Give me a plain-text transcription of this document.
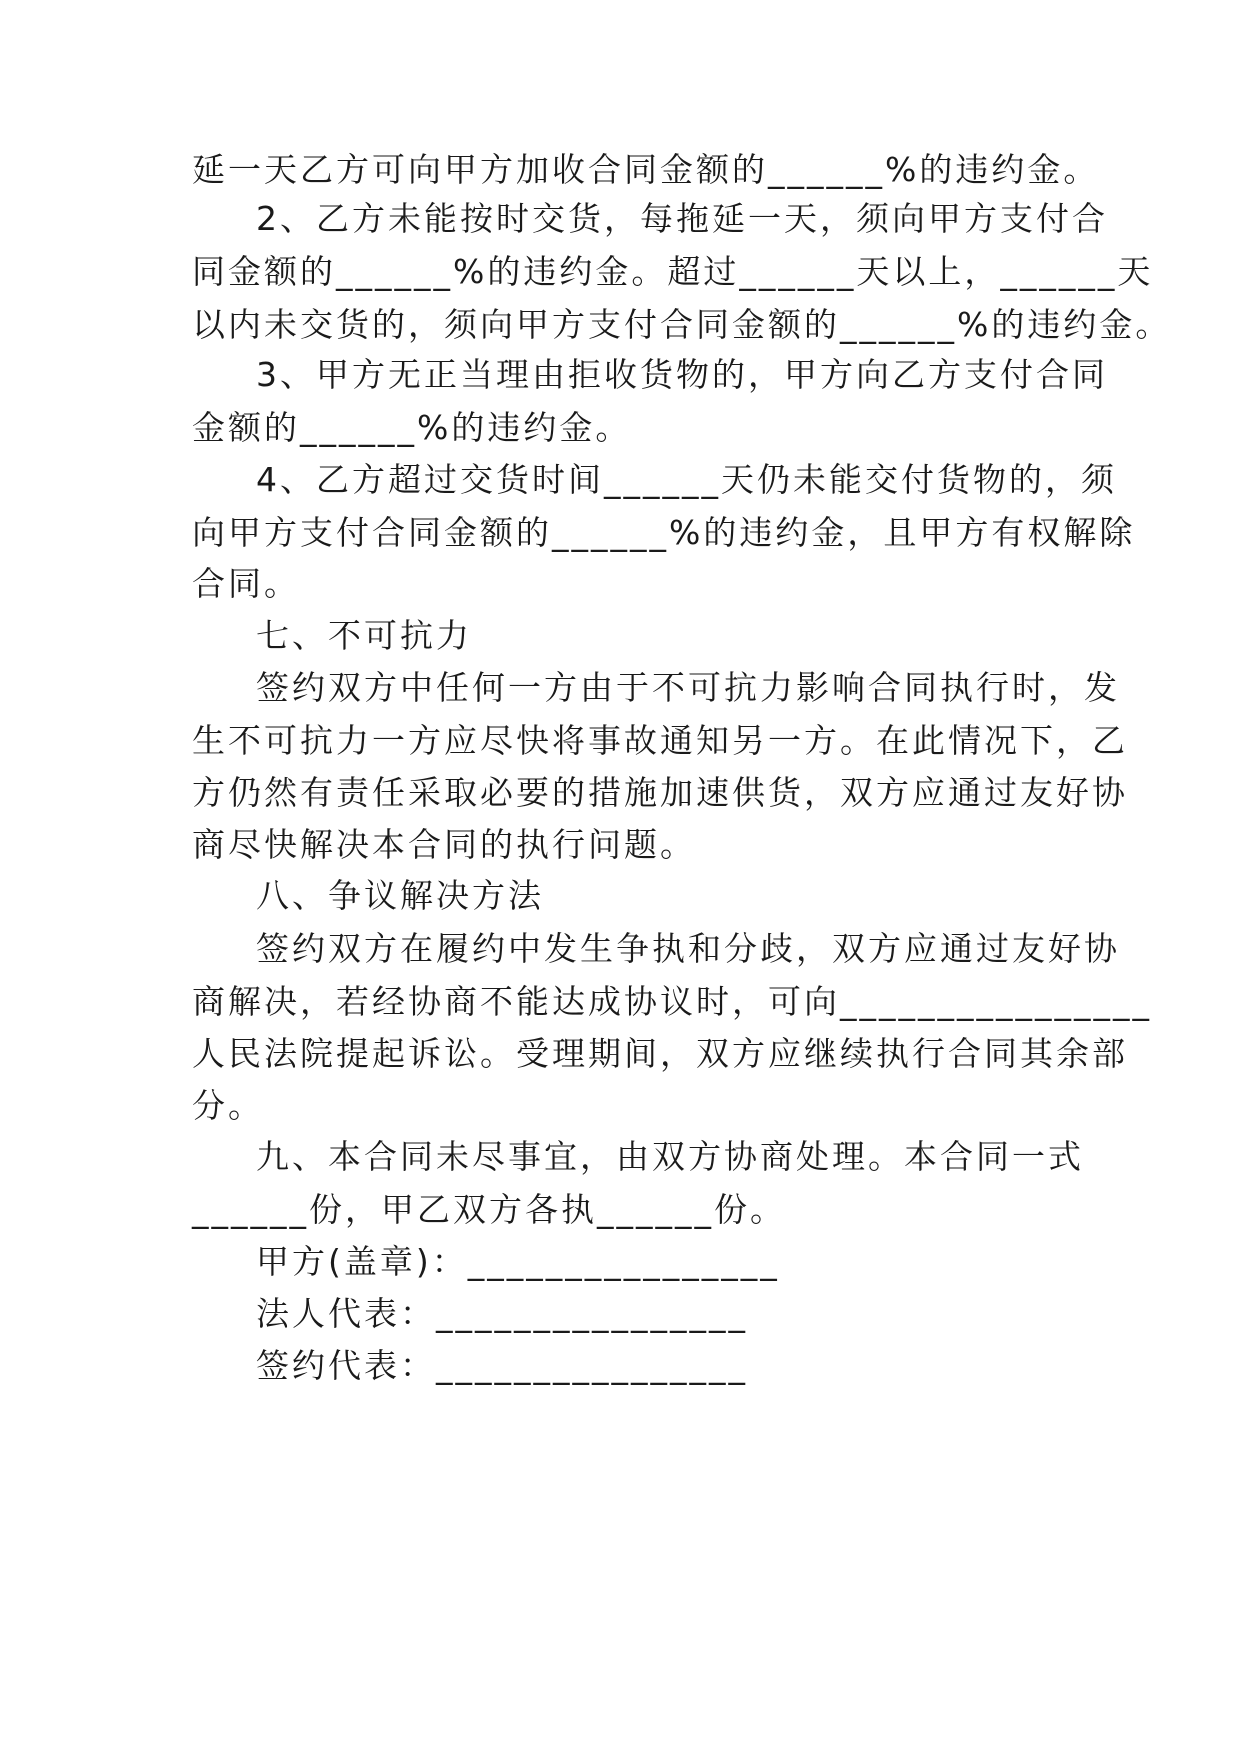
延一天乙方可向甲方加收合同金额的______%的违约金。
2、乙方未能按时交货，每拖延一天，须向甲方支付合
同金额的______%的违约金。超过______天以上，______天
以内未交货的，须向甲方支付合同金额的______%的违约金。
3、甲方无正当理由拒收货物的，甲方向乙方支付合同
金额的______%的违约金。
4、乙方超过交货时间______天仍未能交付货物的，须
向甲方支付合同金额的______%的违约金，且甲方有权解除
合同。
七、不可抗力
签约双方中任何一方由于不可抗力影响合同执行时，发
生不可抗力一方应尽快将事故通知另一方。在此情况下，乙
方仍然有责任采取必要的措施加速供货，双方应通过友好协
商尽快解决本合同的执行问题。
八、争议解决方法
签约双方在履约中发生争执和分歧，双方应通过友好协
商解决，若经协商不能达成协议时，可向________________
人民法院提起诉讼。受理期间，双方应继续执行合同其余部
分。
九、本合同未尽事宜，由双方协商处理。本合同一式
______份，甲乙双方各执______份。
甲方(盖章)：________________
法人代表：________________
签约代表：________________
